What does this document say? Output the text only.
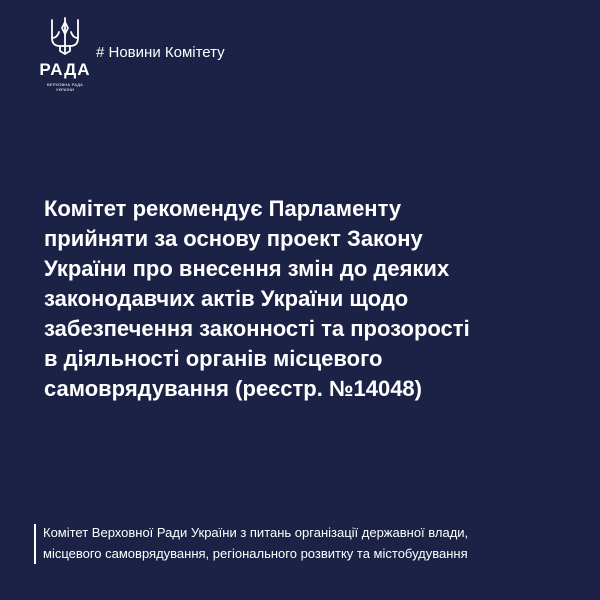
РАДА
ВЕРХОВНА РАДА
УКРАЇНИ
# Новини Комітету
Комітет рекомендує Парламенту
прийняти за основу проект Закону
України про внесення змін до деяких
законодавчих актів України щодо
забезпечення законності та прозорості
в діяльності органів місцевого
самоврядування (реєстр. №14048)
Комітет Верховної Ради України з питань організації державної влади,
місцевого самоврядування, регіонального розвитку та містобудування
